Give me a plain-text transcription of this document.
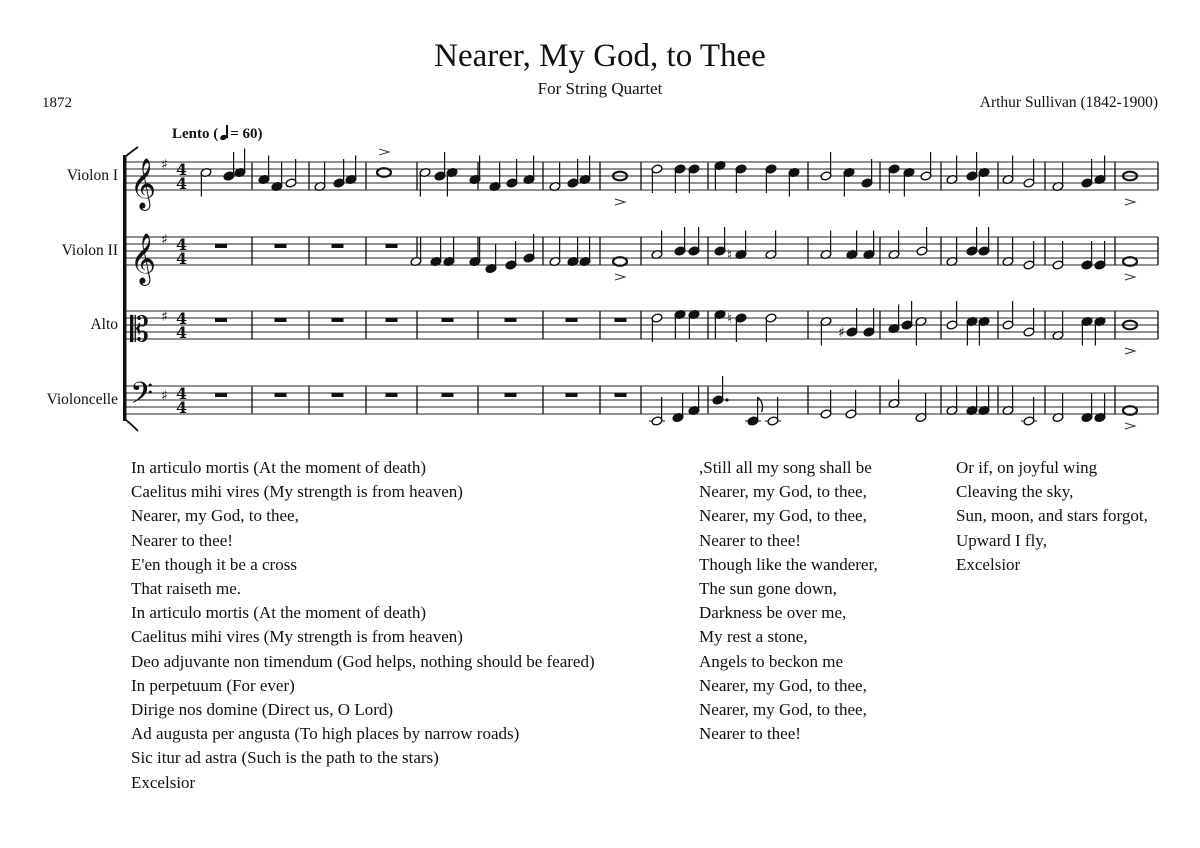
Nearer, My God, to Thee
For String Quartet
1872	Arthur Sullivan (1842-1900)
Lento ( = 60)
Violon I
Violon II
Alto
Violoncelle
𝄞 ♯ 4
4
𝄞 ♯ 4
4	♮
𝄡 ♯ 4
4
♮
♯
𝄢 ♯ 4
4
In articulo mortis (At the moment of death)
Caelitus mihi vires (My strength is from heaven)
Nearer, my God, to thee,
Nearer to thee!
E'en though it be a cross
That raiseth me.
In articulo mortis (At the moment of death)
Caelitus mihi vires (My strength is from heaven)
Deo adjuvante non timendum (God helps, nothing should be feared)
In perpetuum (For ever)
Dirige nos domine (Direct us, O Lord)
Ad augusta per angusta (To high places by narrow roads)
Sic itur ad astra (Such is the path to the stars)
Excelsior
,Still all my song shall be
Nearer, my God, to thee,
Nearer, my God, to thee,
Nearer to thee!
Though like the wanderer,
The sun gone down,
Darkness be over me,
My rest a stone,
Angels to beckon me
Nearer, my God, to thee,
Nearer, my God, to thee,
Nearer to thee!
Or if, on joyful wing
Cleaving the sky,
Sun, moon, and stars forgot,
Upward I fly,
Excelsior
